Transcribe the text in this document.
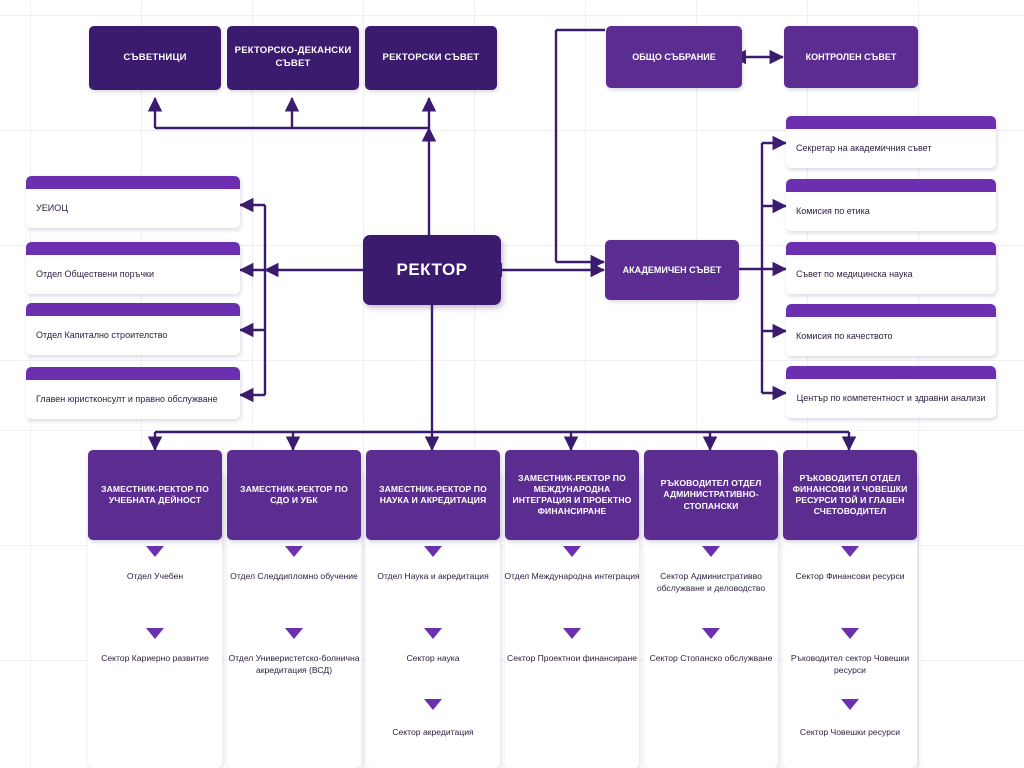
СЪВЕТНИЦИ
РЕКТОРСКО-ДЕКАНСКИ СЪВЕТ
РЕКТОРСКИ СЪВЕТ	ОБЩО СЪБРАНИЕ	КОНТРОЛЕН СЪВЕТ
РЕКТОР	АКАДЕМИЧЕН СЪВЕТ
УЕИОЦ
Отдел Обществени поръчки
Отдел Капитално строителство
Главен юристконсулт и правно обслужване
Секретар на академичния съвет
Комисия по етика
Съвет по медицинска наука
Комисия по качеството
Център по компетентност и здравни анализи
ЗАМЕСТНИК-РЕКТОР ПО УЧЕБНАТА ДЕЙНОСТ
Отдел Учебен
Сектор Кариерно развитие
ЗАМЕСТНИК-РЕКТОР ПО СДО И УБК
Отдел Следдипломно обучение
Отдел Универистетско-болнична акредитация (ВСД)
ЗАМЕСТНИК-РЕКТОР ПО НАУКА И АКРЕДИТАЦИЯ
Отдел Наука и акредитация
Сектор наука
Сектор акредитация
ЗАМЕСТНИК-РЕКТОР ПО МЕЖДУНАРОДНА ИНТЕГРАЦИЯ И ПРОЕКТНО ФИНАНСИРАНЕ
Отдел Международна интеграция
Сектор Проектнои финансиране
РЪКОВОДИТЕЛ ОТДЕЛ АДМИНИСТРАТИВНО-СТОПАНСКИ
Сектор Административво обслужване и деловодство
Сектор Стопанско обслужване
РЪКОВОДИТЕЛ ОТДЕЛ ФИНАНСОВИ И ЧОВЕШКИ РЕСУРСИ ТОЙ И ГЛАВЕН СЧЕТОВОДИТЕЛ
Сектор Финансови ресурси
Ръководител сектор Човешки ресурси
Сектор Човешки ресурси
